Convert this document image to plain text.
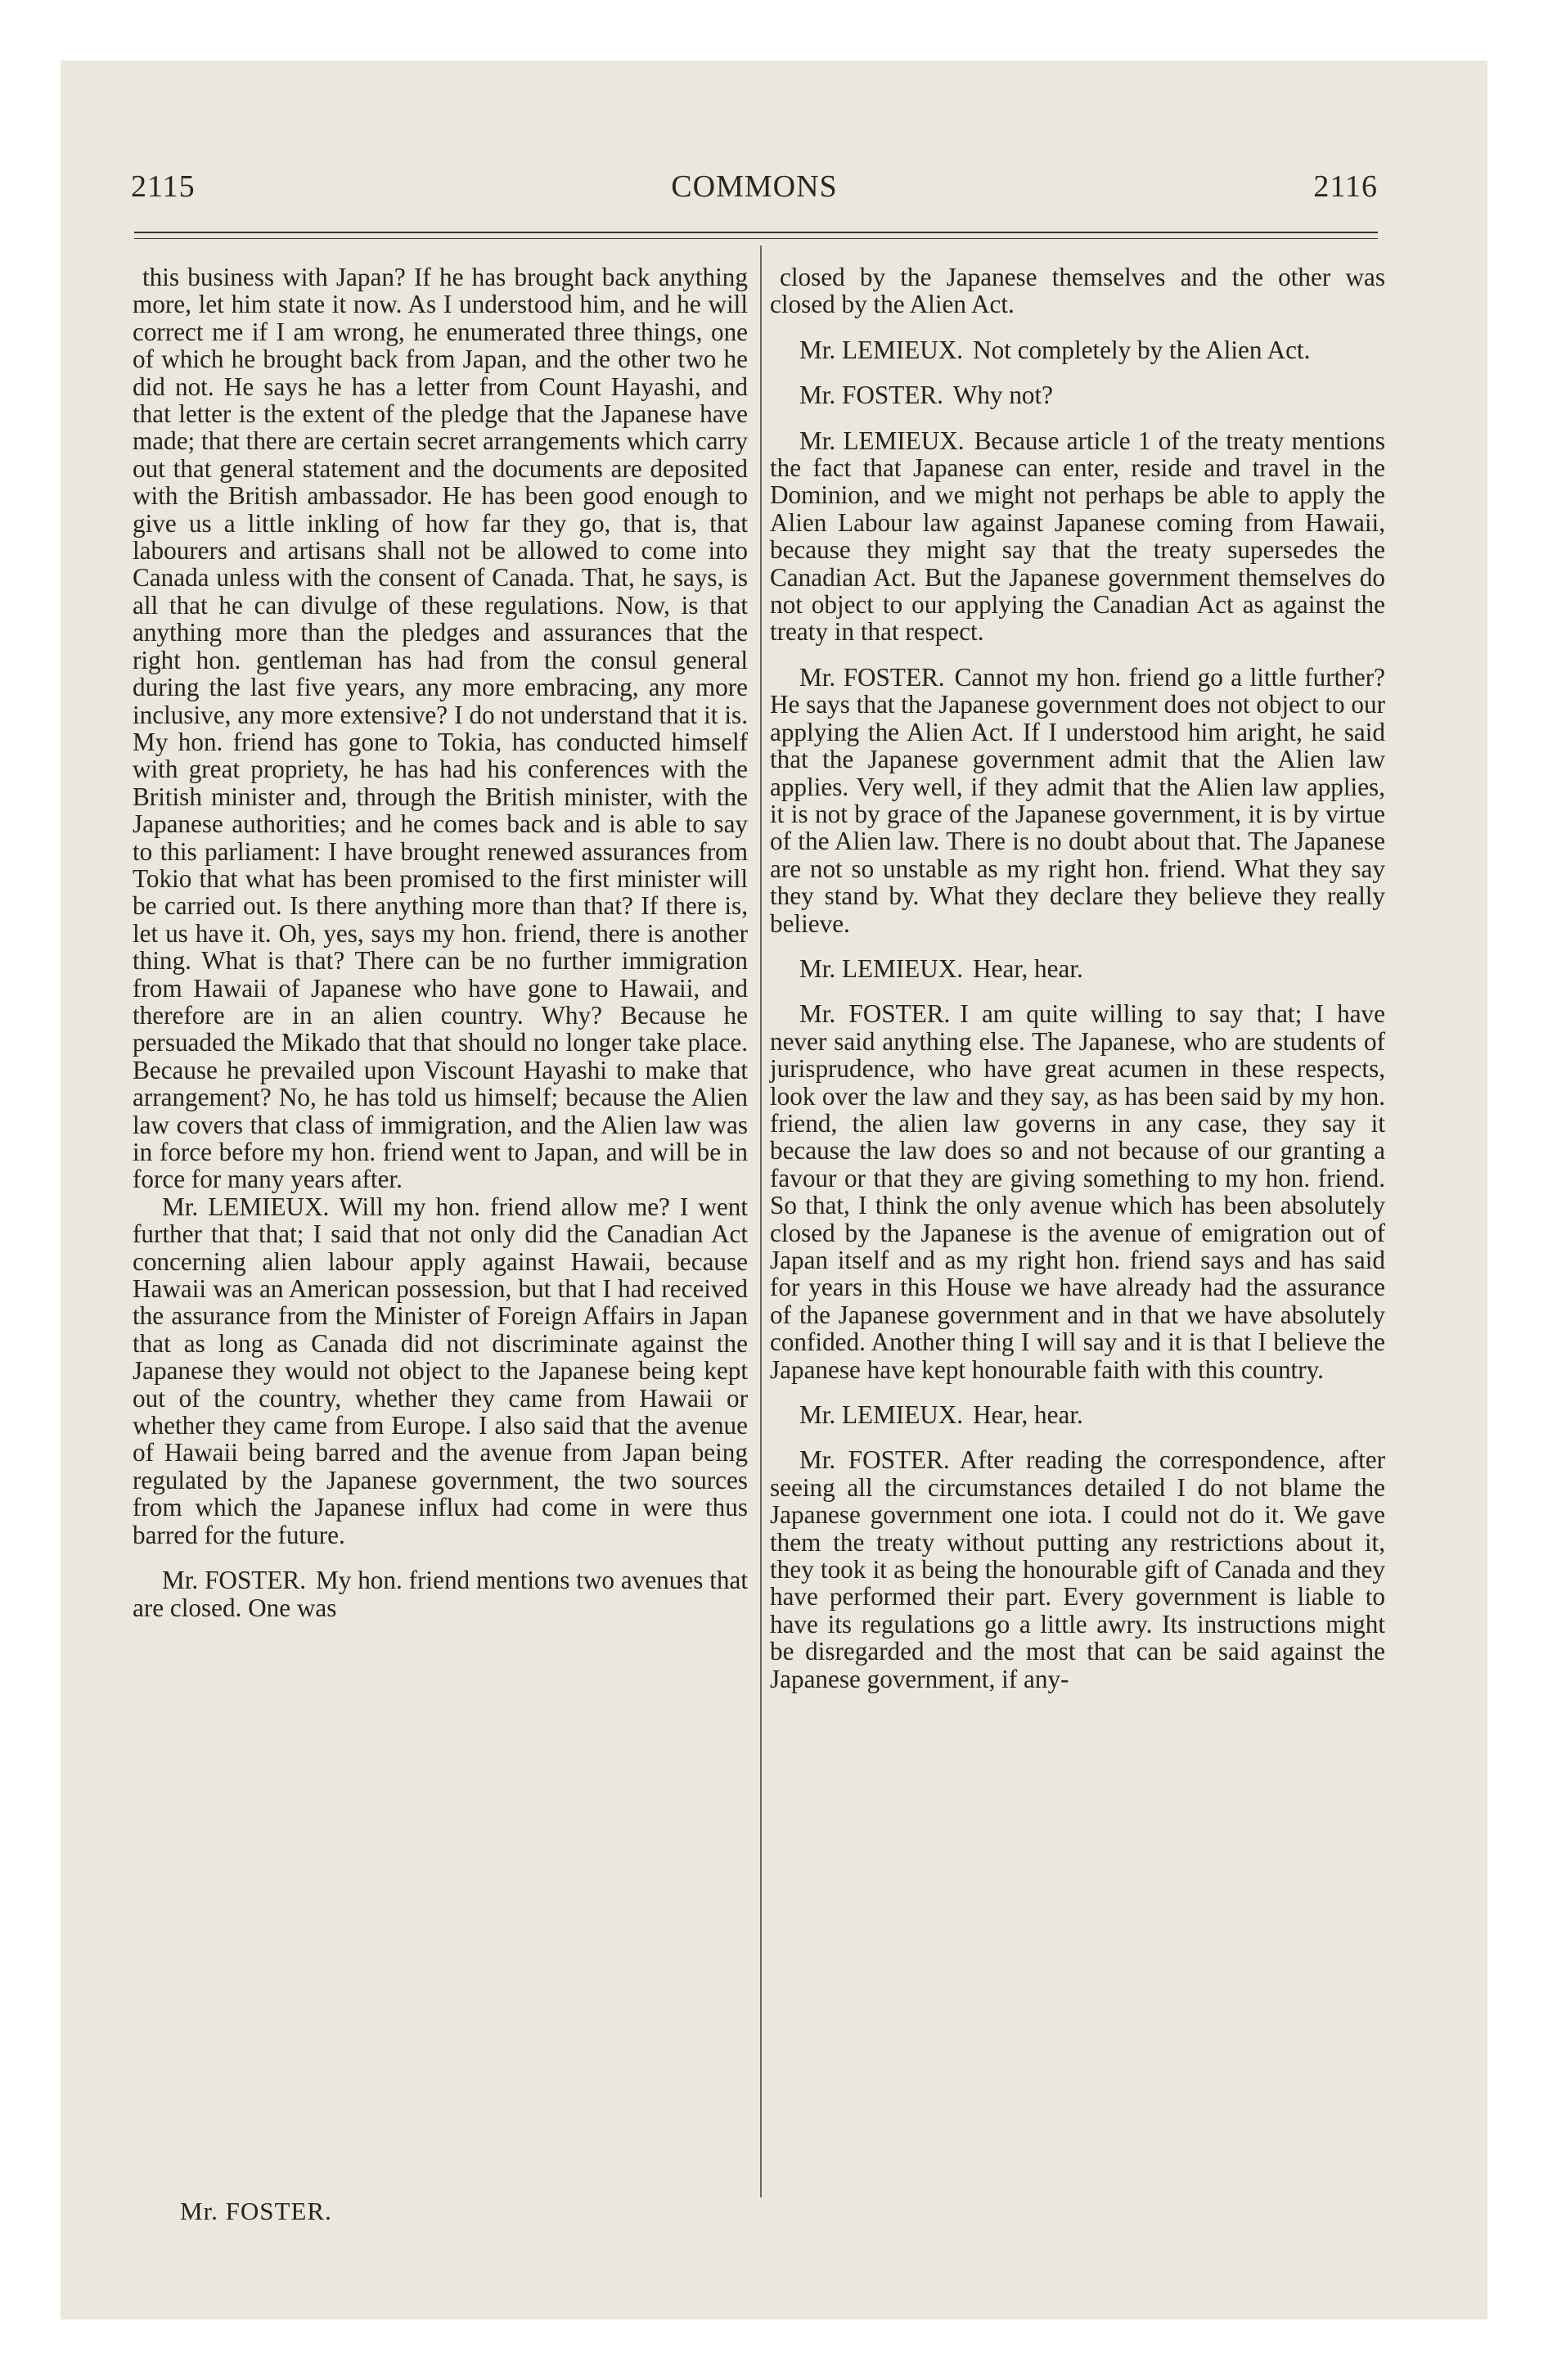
2115	COMMONS	2116

this business with Japan? If he has brought back anything more, let him state it now. As I understood him, and he will correct me if I am wrong, he enumerated three things, one of which he brought back from Japan, and the other two he did not. He says he has a letter from Count Hayashi, and that letter is the extent of the pledge that the Japanese have made; that there are certain secret arrangements which carry out that general statement and the documents are deposited with the British ambassador. He has been good enough to give us a little inkling of how far they go, that is, that labourers and artisans shall not be allowed to come into Canada unless with the consent of Canada. That, he says, is all that he can divulge of these regulations. Now, is that anything more than the pledges and assurances that the right hon. gentleman has had from the consul general during the last five years, any more embracing, any more inclusive, any more extensive? I do not understand that it is. My hon. friend has gone to Tokia, has conducted himself with great propriety, he has had his conferences with the British minister and, through the British minister, with the Japanese authorities; and he comes back and is able to say to this parliament: I have brought renewed assurances from Tokio that what has been promised to the first minister will be carried out. Is there anything more than that? If there is, let us have it. Oh, yes, says my hon. friend, there is another thing. What is that? There can be no further immigration from Hawaii of Japanese who have gone to Hawaii, and therefore are in an alien country. Why? Because he persuaded the Mikado that that should no longer take place. Because he prevailed upon Viscount Hayashi to make that arrangement? No, he has told us himself; because the Alien law covers that class of immigration, and the Alien law was in force before my hon. friend went to Japan, and will be in force for many years after.

Mr. LEMIEUX. Will my hon. friend allow me? I went further that that; I said that not only did the Canadian Act concerning alien labour apply against Hawaii, because Hawaii was an American possession, but that I had received the assurance from the Minister of Foreign Affairs in Japan that as long as Canada did not discriminate against the Japanese they would not object to the Japanese being kept out of the country, whether they came from Hawaii or whether they came from Europe. I also said that the avenue of Hawaii being barred and the avenue from Japan being regulated by the Japanese government, the two sources from which the Japanese influx had come in were thus barred for the future.

Mr. FOSTER. My hon. friend mentions two avenues that are closed. One was

closed by the Japanese themselves and the other was closed by the Alien Act.

Mr. LEMIEUX. Not completely by the Alien Act.

Mr. FOSTER. Why not?

Mr. LEMIEUX. Because article 1 of the treaty mentions the fact that Japanese can enter, reside and travel in the Dominion, and we might not perhaps be able to apply the Alien Labour law against Japanese coming from Hawaii, because they might say that the treaty supersedes the Canadian Act. But the Japanese government themselves do not object to our applying the Canadian Act as against the treaty in that respect.

Mr. FOSTER. Cannot my hon. friend go a little further? He says that the Japanese government does not object to our applying the Alien Act. If I understood him aright, he said that the Japanese government admit that the Alien law applies. Very well, if they admit that the Alien law applies, it is not by grace of the Japanese government, it is by virtue of the Alien law. There is no doubt about that. The Japanese are not so unstable as my right hon. friend. What they say they stand by. What they declare they believe they really believe.

Mr. LEMIEUX. Hear, hear.

Mr. FOSTER. I am quite willing to say that; I have never said anything else. The Japanese, who are students of jurisprudence, who have great acumen in these respects, look over the law and they say, as has been said by my hon. friend, the alien law governs in any case, they say it because the law does so and not because of our granting a favour or that they are giving something to my hon. friend. So that, I think the only avenue which has been absolutely closed by the Japanese is the avenue of emigration out of Japan itself and as my right hon. friend says and has said for years in this House we have already had the assurance of the Japanese government and in that we have absolutely confided. Another thing I will say and it is that I believe the Japanese have kept honourable faith with this country.

Mr. LEMIEUX. Hear, hear.

Mr. FOSTER. After reading the correspondence, after seeing all the circumstances detailed I do not blame the Japanese government one iota. I could not do it. We gave them the treaty without putting any restrictions about it, they took it as being the honourable gift of Canada and they have performed their part. Every government is liable to have its regulations go a little awry. Its instructions might be disregarded and the most that can be said against the Japanese government, if any-

Mr. FOSTER.
